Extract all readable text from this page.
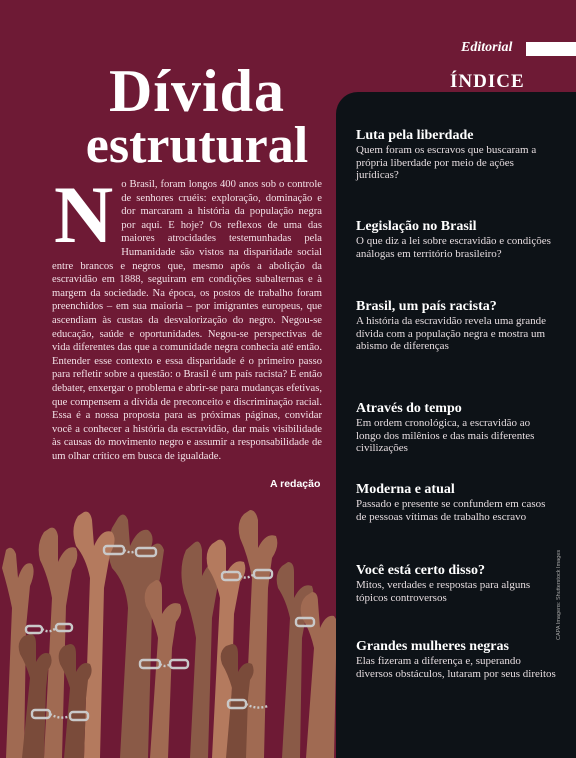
Editorial
Dívida
estrutural
N o Brasil, foram longos 400 anos sob o controle de senhores cruéis: exploração, dominação e dor marcaram a história da população negra por aqui. E hoje? Os reflexos de uma das maiores atrocidades testemunhadas pela Humanidade são vistos na disparidade social entre brancos e negros que, mesmo após a abolição da escravidão em 1888, seguiram em condições subalternas e à margem da sociedade. Na época, os postos de trabalho foram preenchidos – em sua maioria – por imigrantes europeus, que ascendiam às custas da desvalorização do negro. Negou-se educação, saúde e oportunidades. Negou-se perspectivas de vida diferentes das que a comunidade negra conhecia até então. Entender esse contexto e essa disparidade é o primeiro passo para refletir sobre a questão: o Brasil é um país racista? E então debater, enxergar o problema e abrir-se para mudanças efetivas, que compensem a dívida de preconceito e discriminação racial. Essa é a nossa proposta para as próximas páginas, convidar você a conhecer a história da escravidão, dar mais visibilidade às causas do movimento negro e assumir a responsabilidade de um olhar crítico em busca de igualdade.
A redação
ÍNDICE
Luta pela liberdade

Quem foram os escravos que buscaram a própria liberdade por meio de ações jurídicas?

Legislação no Brasil

O que diz a lei sobre escravidão e condições análogas em território brasileiro?

Brasil, um país racista?

A história da escravidão revela uma grande dívida com a população negra e mostra um abismo de diferenças

Através do tempo

Em ordem cronológica, a escravidão ao longo dos milênios e das mais diferentes civilizações

Moderna e atual

Passado e presente se confundem em casos de pessoas vítimas de trabalho escravo

Você está certo disso?

Mitos, verdades e respostas para alguns tópicos controversos

Grandes mulheres negras

Elas fizeram a diferença e, superando diversos obstáculos, lutaram por seus direitos

CAPA Imagens: Shutterstock Images
